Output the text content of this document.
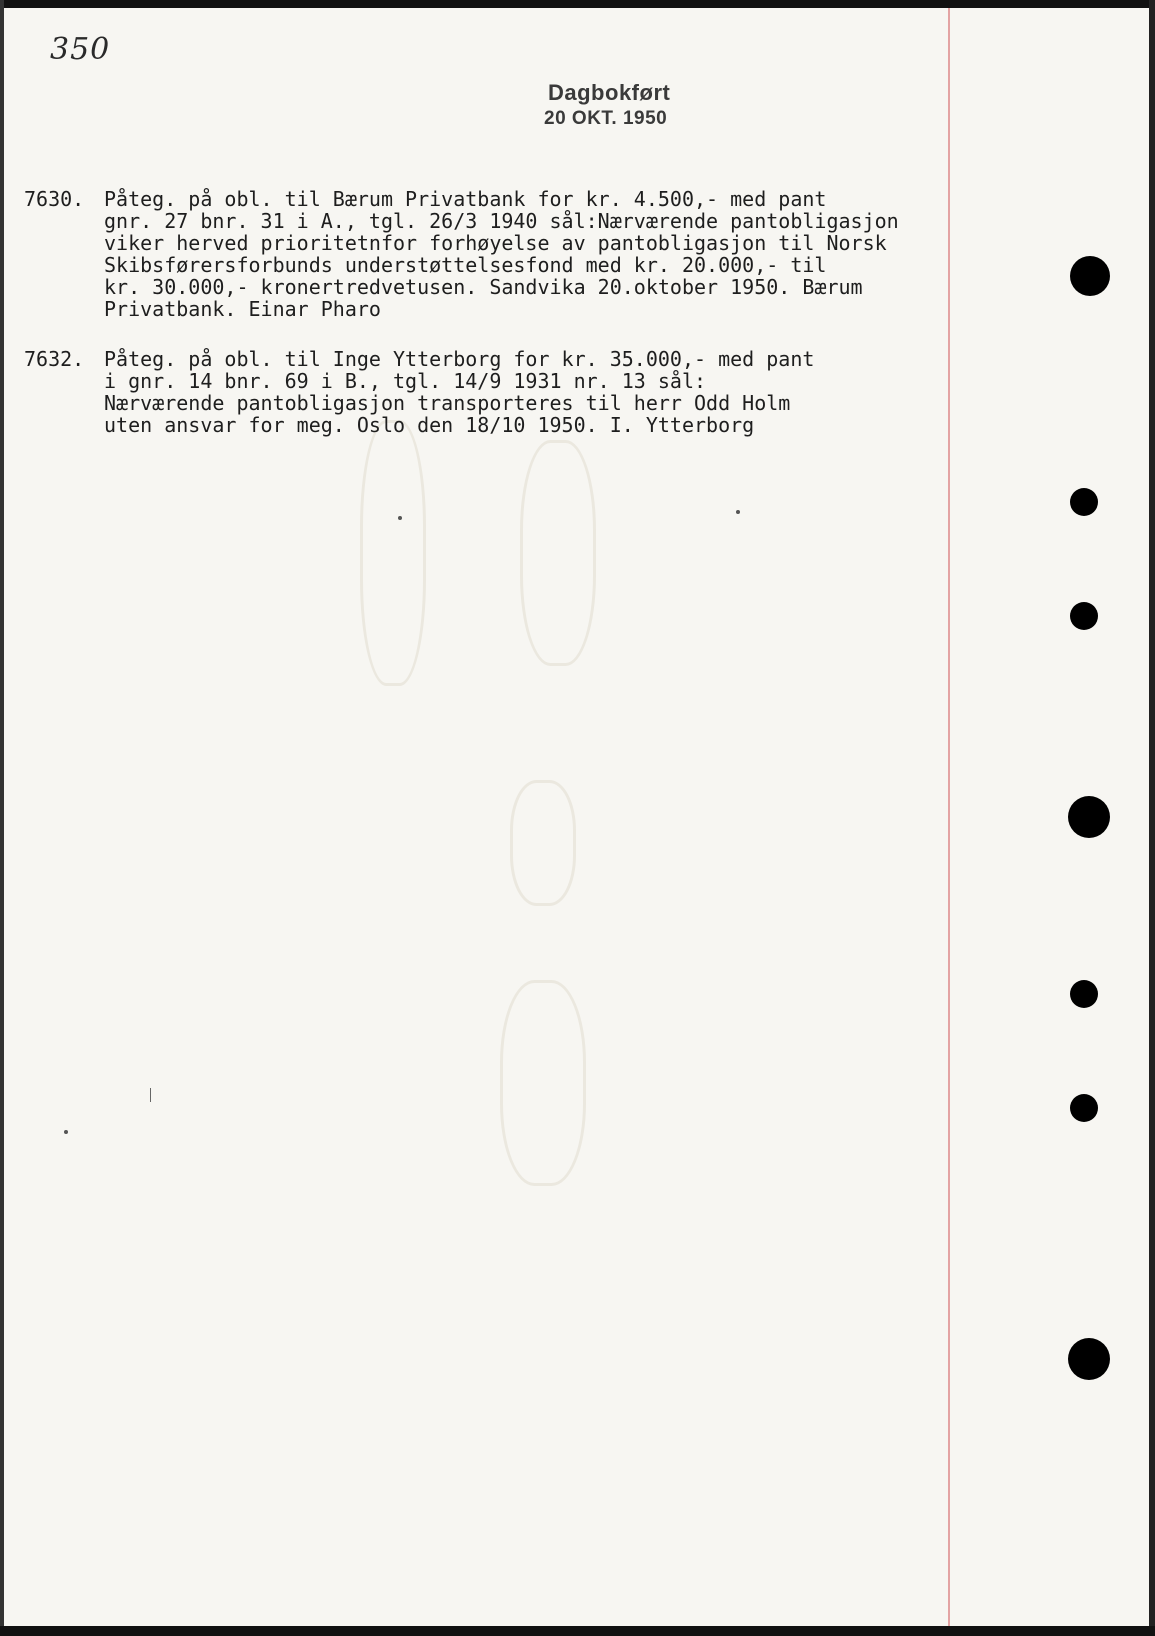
350
Dagbokført
20 OKT. 1950

7630.

Påteg. på obl. til Bærum Privatbank for kr. 4.500,- med pant

gnr. 27 bnr. 31 i A., tgl. 26/3 1940 sål:Nærværende pantobligasjon

viker herved prioritetnfor forhøyelse av pantobligasjon til Norsk

Skibsførersforbunds understøttelsesfond med kr. 20.000,- til

kr. 30.000,- kronertredvetusen. Sandvika 20.oktober 1950. Bærum

Privatbank. Einar Pharo

7632.

Påteg. på obl. til Inge Ytterborg for kr. 35.000,- med pant

i gnr. 14 bnr. 69 i B., tgl. 14/9 1931 nr. 13 sål:

Nærværende pantobligasjon transporteres til herr Odd Holm

uten ansvar for meg. Oslo den 18/10 1950. I. Ytterborg
